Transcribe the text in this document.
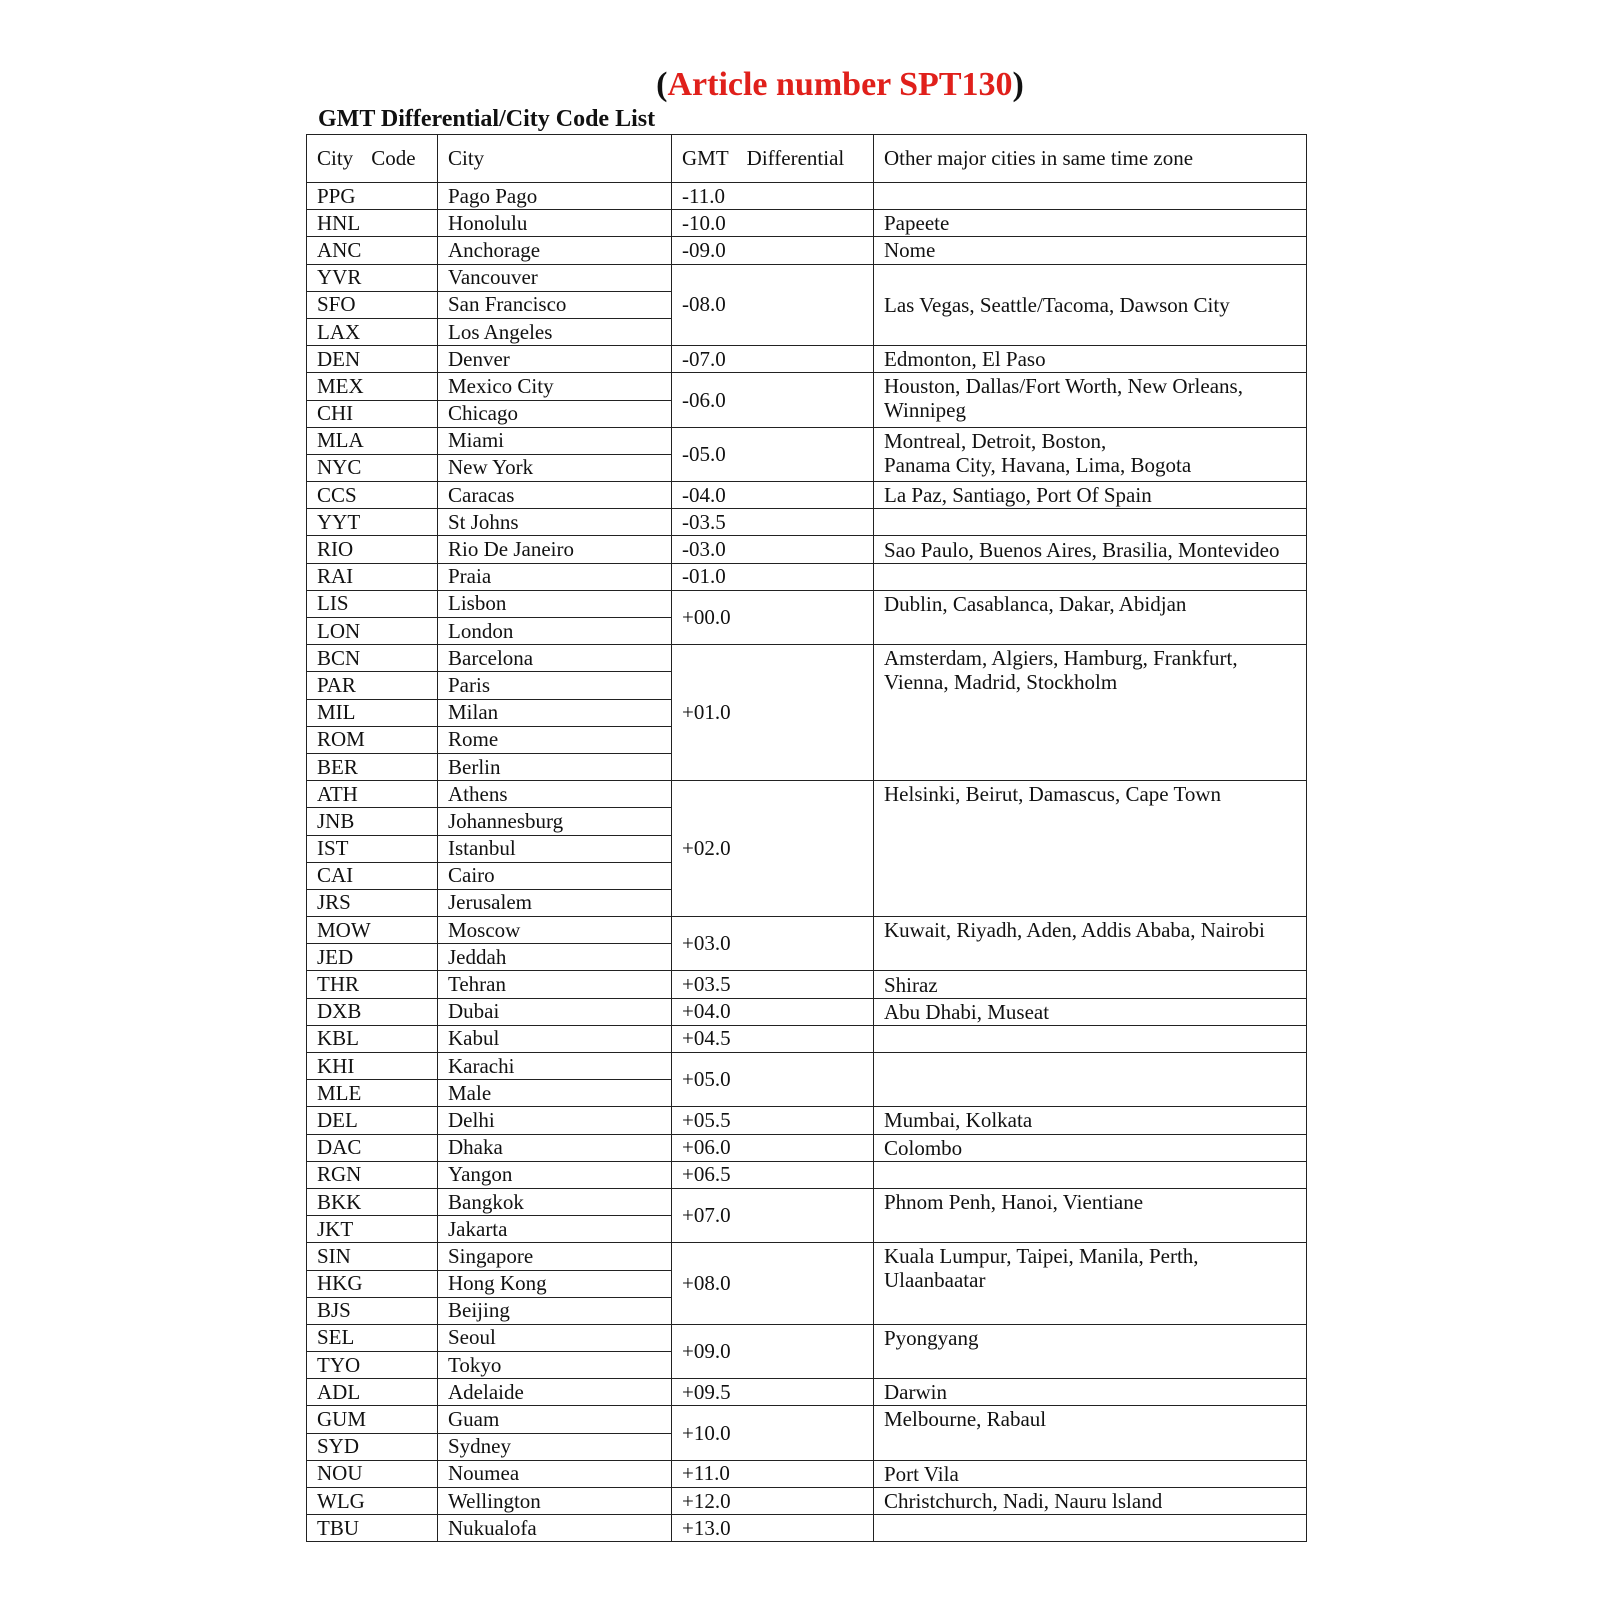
(Article number SPT130)
GMT Differential/City Code List
City Code	City	GMT Differential	Other major cities in same time zone
PPG	Pago Pago	-11.0	
HNL	Honolulu	-10.0	Papeete
ANC	Anchorage	-09.0	Nome
YVR	Vancouver	-08.0	Las Vegas, Seattle/Tacoma, Dawson City
SFO	San Francisco		
LAX	Los Angeles		
DEN	Denver	-07.0	Edmonton, El Paso
MEX	Mexico City	-06.0	Houston, Dallas/Fort Worth, New Orleans, Winnipeg
CHI	Chicago		
MLA	Miami	-05.0	Montreal, Detroit, Boston,
Panama City, Havana, Lima, Bogota
NYC	New York		
CCS	Caracas	-04.0	La Paz, Santiago, Port Of Spain
YYT	St Johns	-03.5	
RIO	Rio De Janeiro	-03.0	Sao Paulo, Buenos Aires, Brasilia, Montevideo
RAI	Praia	-01.0	
LIS	Lisbon	+00.0	Dublin, Casablanca, Dakar, Abidjan
LON	London		
BCN	Barcelona	+01.0	Amsterdam, Algiers, Hamburg, Frankfurt, Vienna, Madrid, Stockholm
PAR	Paris		
MIL	Milan		
ROM	Rome		
BER	Berlin		
ATH	Athens	+02.0	Helsinki, Beirut, Damascus, Cape Town
JNB	Johannesburg		
IST	Istanbul		
CAI	Cairo		
JRS	Jerusalem		
MOW	Moscow	+03.0	Kuwait, Riyadh, Aden, Addis Ababa, Nairobi
JED	Jeddah		
THR	Tehran	+03.5	Shiraz
DXB	Dubai	+04.0	Abu Dhabi, Museat
KBL	Kabul	+04.5	
KHI	Karachi	+05.0	
MLE	Male		
DEL	Delhi	+05.5	Mumbai, Kolkata
DAC	Dhaka	+06.0	Colombo
RGN	Yangon	+06.5	
BKK	Bangkok	+07.0	Phnom Penh, Hanoi, Vientiane
JKT	Jakarta		
SIN	Singapore	+08.0	Kuala Lumpur, Taipei, Manila, Perth, Ulaanbaatar
HKG	Hong Kong		
BJS	Beijing		
SEL	Seoul	+09.0	Pyongyang
TYO	Tokyo		
ADL	Adelaide	+09.5	Darwin
GUM	Guam	+10.0	Melbourne, Rabaul
SYD	Sydney		
NOU	Noumea	+11.0	Port Vila
WLG	Wellington	+12.0	Christchurch, Nadi, Nauru lsland
TBU	Nukualofa	+13.0	
